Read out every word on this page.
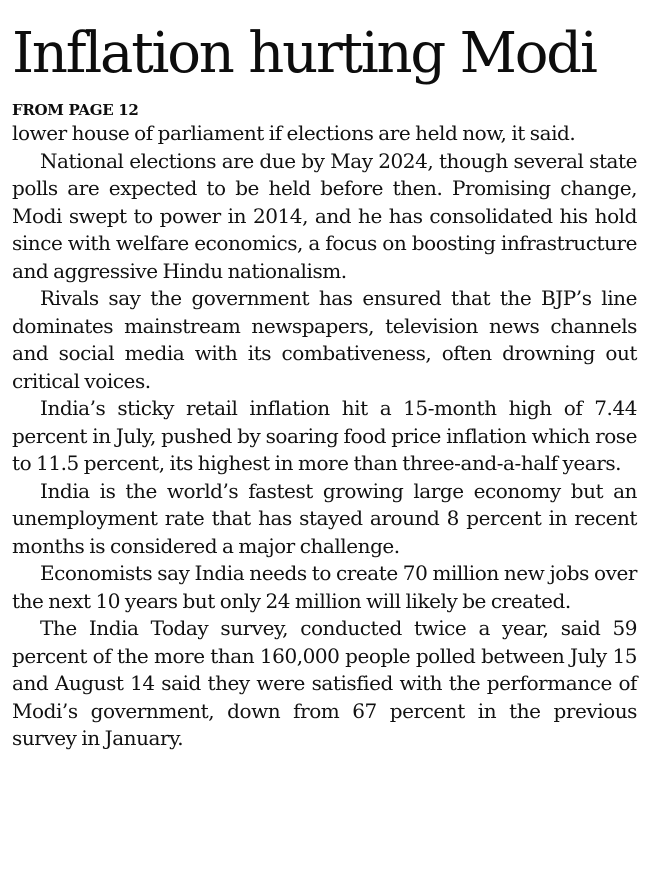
Inflation hurting Modi
FROM PAGE 12

lower house of parliament if elections are held now, it said.

National elections are due by May 2024, though several state polls are expected to be held before then. Promising change, Modi swept to power in 2014, and he has consolidated his hold since with welfare economics, a focus on boosting infrastructure and aggressive Hindu nationalism.

Rivals say the government has ensured that the BJP’s line dominates mainstream newspapers, television news channels and social media with its combativeness, often drowning out critical voices.

India’s sticky retail inflation hit a 15-month high of 7.44 percent in July, pushed by soaring food price inflation which rose to 11.5 percent, its highest in more than three-and-a-half years.

India is the world’s fastest growing large economy but an unemployment rate that has stayed around 8 percent in recent months is considered a major challenge.

Economists say India needs to create 70 million new jobs over the next 10 years but only 24 million will likely be created.

The India Today survey, conducted twice a year, said 59 percent of the more than 160,000 people polled between July 15 and August 14 said they were satisfied with the performance of Modi’s government, down from 67 percent in the previous survey in January.
